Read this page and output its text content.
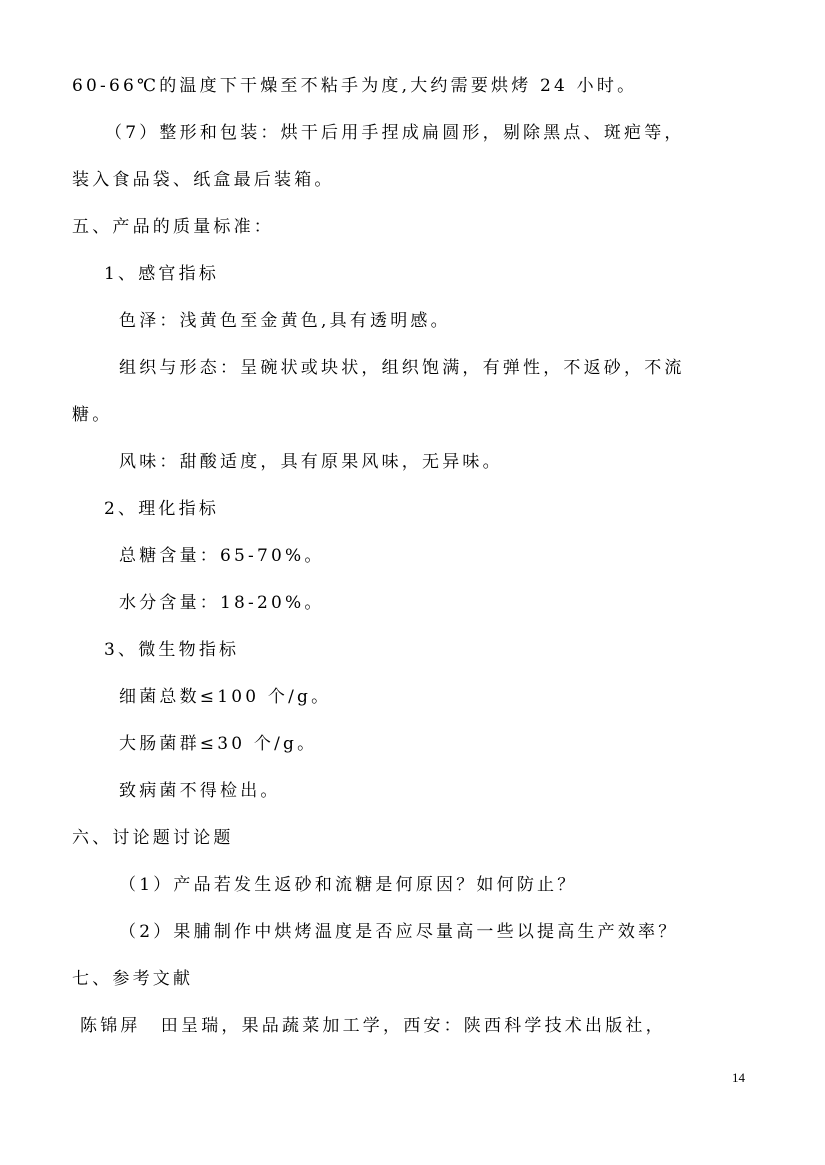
60-66℃的温度下干燥至不粘手为度,大约需要烘烤 24 小时。
（7）整形和包装：烘干后用手捏成扁圆形，剔除黑点、斑疤等，
装入食品袋、纸盒最后装箱。
五、产品的质量标准：
1、感官指标
色泽：浅黄色至金黄色,具有透明感。
组织与形态：呈碗状或块状，组织饱满，有弹性，不返砂，不流
糖。
风味：甜酸适度，具有原果风味，无异味。
2、理化指标
总糖含量：65-70%。
水分含量：18-20%。
3、微生物指标
细菌总数≤100 个/g。
大肠菌群≤30 个/g。
致病菌不得检出。
六、讨论题讨论题
（1）产品若发生返砂和流糖是何原因？如何防止？
（2）果脯制作中烘烤温度是否应尽量高一些以提高生产效率？
七、参考文献
陈锦屏　田呈瑞，果品蔬菜加工学，西安：陕西科学技术出版社，
14
